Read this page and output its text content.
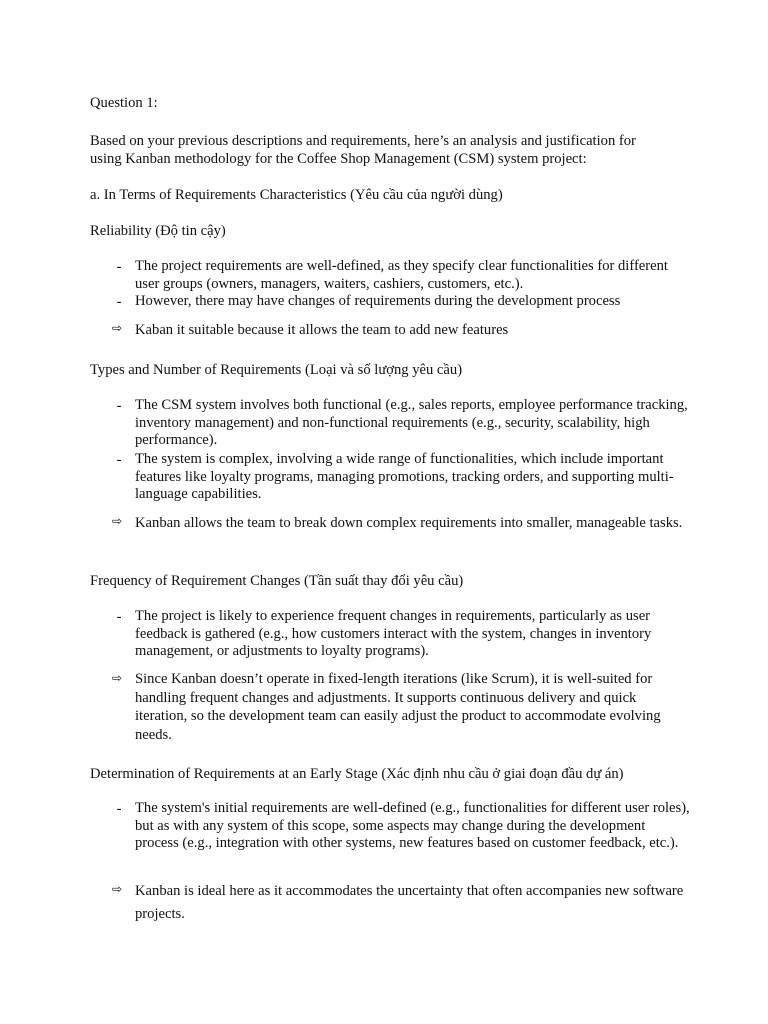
Question 1:
Based on your previous descriptions and requirements, here’s an analysis and justification for
using Kanban methodology for the Coffee Shop Management (CSM) system project:
a. In Terms of Requirements Characteristics (Yêu cầu của người dùng)
Reliability (Độ tin cậy)
- The project requirements are well-defined, as they specify clear functionalities for different user groups (owners, managers, waiters, cashiers, customers, etc.).
- However, there may have changes of requirements during the development process
⇨ Kaban it suitable because it allows the team to add new features
Types and Number of Requirements (Loại và số lượng yêu cầu)
- The CSM system involves both functional (e.g., sales reports, employee performance tracking, inventory management) and non-functional requirements (e.g., security, scalability, high performance).
- The system is complex, involving a wide range of functionalities, which include important features like loyalty programs, managing promotions, tracking orders, and supporting multi-language capabilities.
⇨ Kanban allows the team to break down complex requirements into smaller, manageable tasks.
Frequency of Requirement Changes (Tần suất thay đổi yêu cầu)
- The project is likely to experience frequent changes in requirements, particularly as user feedback is gathered (e.g., how customers interact with the system, changes in inventory management, or adjustments to loyalty programs).
⇨ Since Kanban doesn’t operate in fixed-length iterations (like Scrum), it is well-suited for handling frequent changes and adjustments. It supports continuous delivery and quick iteration, so the development team can easily adjust the product to accommodate evolving needs.
Determination of Requirements at an Early Stage (Xác định nhu cầu ở giai đoạn đầu dự án)
- The system's initial requirements are well-defined (e.g., functionalities for different user roles), but as with any system of this scope, some aspects may change during the development process (e.g., integration with other systems, new features based on customer feedback, etc.).
⇨ Kanban is ideal here as it accommodates the uncertainty that often accompanies new software projects.
